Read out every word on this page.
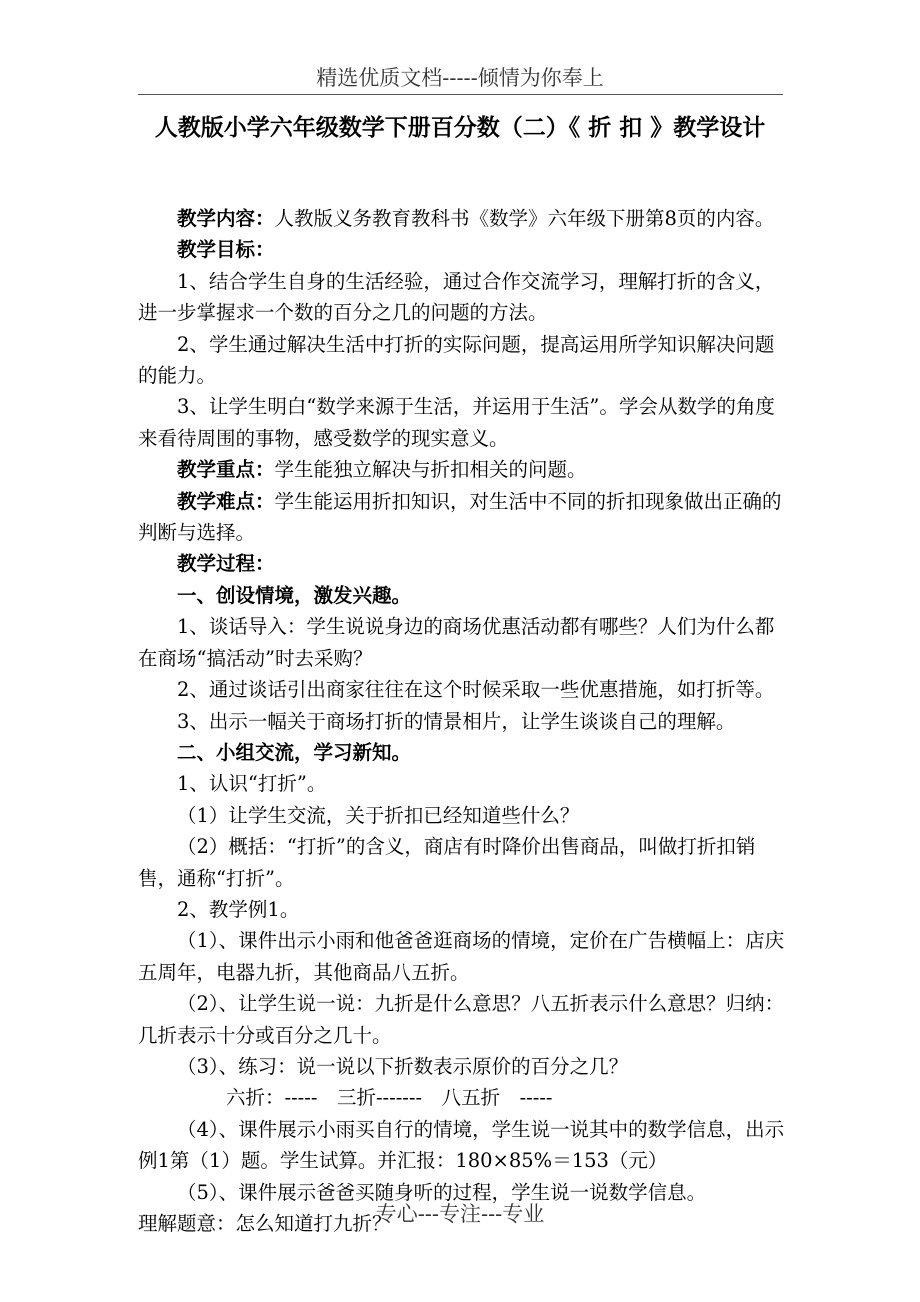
精选优质文档-----倾情为你奉上
人教版小学六年级数学下册百分数（二）《 折 扣 》教学设计

教学内容：人教版义务教育教科书《数学》六年级下册第8页的内容。

教学目标：

1、结合学生自身的生活经验，通过合作交流学习，理解打折的含义，进一步掌握求一个数的百分之几的问题的方法。

2、学生通过解决生活中打折的实际问题，提高运用所学知识解决问题的能力。

3、让学生明白“数学来源于生活，并运用于生活”。学会从数学的角度来看待周围的事物，感受数学的现实意义。

教学重点：学生能独立解决与折扣相关的问题。

教学难点：学生能运用折扣知识，对生活中不同的折扣现象做出正确的判断与选择。

教学过程：

一、创设情境，激发兴趣。

1、谈话导入：学生说说身边的商场优惠活动都有哪些？人们为什么都在商场“搞活动”时去采购？

2、通过谈话引出商家往往在这个时候采取一些优惠措施，如打折等。

3、出示一幅关于商场打折的情景相片，让学生谈谈自己的理解。

二、小组交流，学习新知。

1、认识“打折”。

（1）让学生交流，关于折扣已经知道些什么？

（2）概括：“打折”的含义，商店有时降价出售商品，叫做打折扣销售，通称“打折”。

2、教学例1。

（1）、课件出示小雨和他爸爸逛商场的情境，定价在广告横幅上：店庆五周年，电器九折，其他商品八五折。

（2）、让学生说一说：九折是什么意思？八五折表示什么意思？归纳：几折表示十分或百分之几十。

（3）、练习：说一说以下折数表示原价的百分之几？

六折：-----　三折-------　八五折　-----

（4）、课件展示小雨买自行的情境，学生说一说其中的数学信息，出示例1第（1）题。学生试算。并汇报：180×85%＝153（元）

（5）、课件展示爸爸买随身听的过程，学生说一说数学信息。

理解题意：怎么知道打九折？

专心---专注---专业
